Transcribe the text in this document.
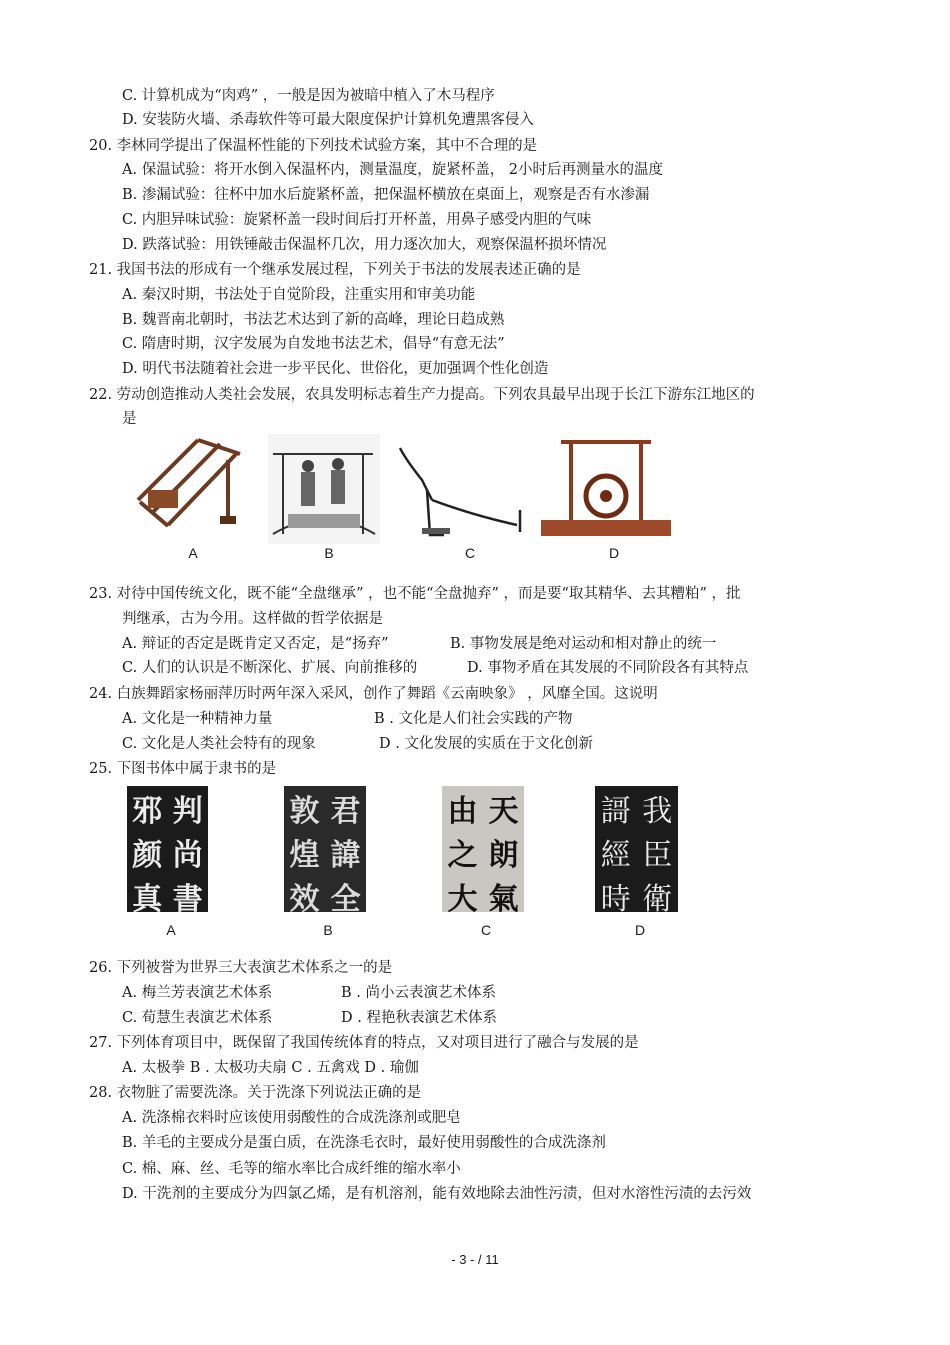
C. 计算机成为“肉鸡” ，一般是因为被暗中植入了木马程序
D. 安装防火墙、杀毒软件等可最大限度保护计算机免遭黑客侵入
20. 李林同学提出了保温杯性能的下列技术试验方案，其中不合理的是
A. 保温试验：将开水倒入保温杯内，测量温度，旋紧杯盖， 2小时后再测量水的温度
B. 渗漏试验：往杯中加水后旋紧杯盖，把保温杯横放在桌面上，观察是否有水渗漏
C. 内胆异味试验：旋紧杯盖一段时间后打开杯盖，用鼻子感受内胆的气味
D. 跌落试验：用铁锤敲击保温杯几次，用力逐次加大，观察保温杯损坏情况
21. 我国书法的形成有一个继承发展过程，下列关于书法的发展表述正确的是
A. 秦汉时期，书法处于自觉阶段，注重实用和审美功能
B. 魏晋南北朝时，书法艺术达到了新的高峰，理论日趋成熟
C. 隋唐时期，汉字发展为自发地书法艺术，倡导“有意无法”
D. 明代书法随着社会进一步平民化、世俗化，更加强调个性化创造
22. 劳动创造推动人类社会发展，农具发明标志着生产力提高。下列农具最早出现于长江下游东江地区的
是
A	B	C	D
23. 对待中国传统文化，既不能“全盘继承” ，也不能“全盘抛弃” ，而是要“取其精华、去其糟粕” ，批
判继承，古为今用。这样做的哲学依据是
A. 辩证的否定是既肯定又否定，是“扬弃”	B. 事物发展是绝对运动和相对静止的统一
C. 人们的认识是不断深化、扩展、向前推移的	D. 事物矛盾在其发展的不同阶段各有其特点
24. 白族舞蹈家杨丽萍历时两年深入采风，创作了舞蹈《云南映象》 ，风靡全国。这说明
A. 文化是一种精神力量	B . 文化是人们社会实践的产物
C. 文化是人类社会特有的现象	D . 文化发展的实质在于文化创新
25. 下图书体中属于隶书的是
邪
颜
真
判
尚
書
敦
煌
效
君
諱
全
由
之
大
天
朗
氣
謌
經
時
我
臣
衛
A	B	C	D
26. 下列被誉为世界三大表演艺术体系之一的是
A. 梅兰芳表演艺术体系	B . 尚小云表演艺术体系
C. 荀慧生表演艺术体系	D . 程艳秋表演艺术体系
27. 下列体育项目中，既保留了我国传统体育的特点，又对项目进行了融合与发展的是
A. 太极拳 B . 太极功夫扇 C . 五禽戏 D . 瑜伽
28. 衣物脏了需要洗涤。关于洗涤下列说法正确的是
A. 洗涤棉衣料时应该使用弱酸性的合成洗涤剂或肥皂
B. 羊毛的主要成分是蛋白质，在洗涤毛衣时，最好使用弱酸性的合成洗涤剂
C. 棉、麻、丝、毛等的缩水率比合成纤维的缩水率小
D. 干洗剂的主要成分为四氯乙烯，是有机溶剂，能有效地除去油性污渍，但对水溶性污渍的去污效
- 3 - / 11
